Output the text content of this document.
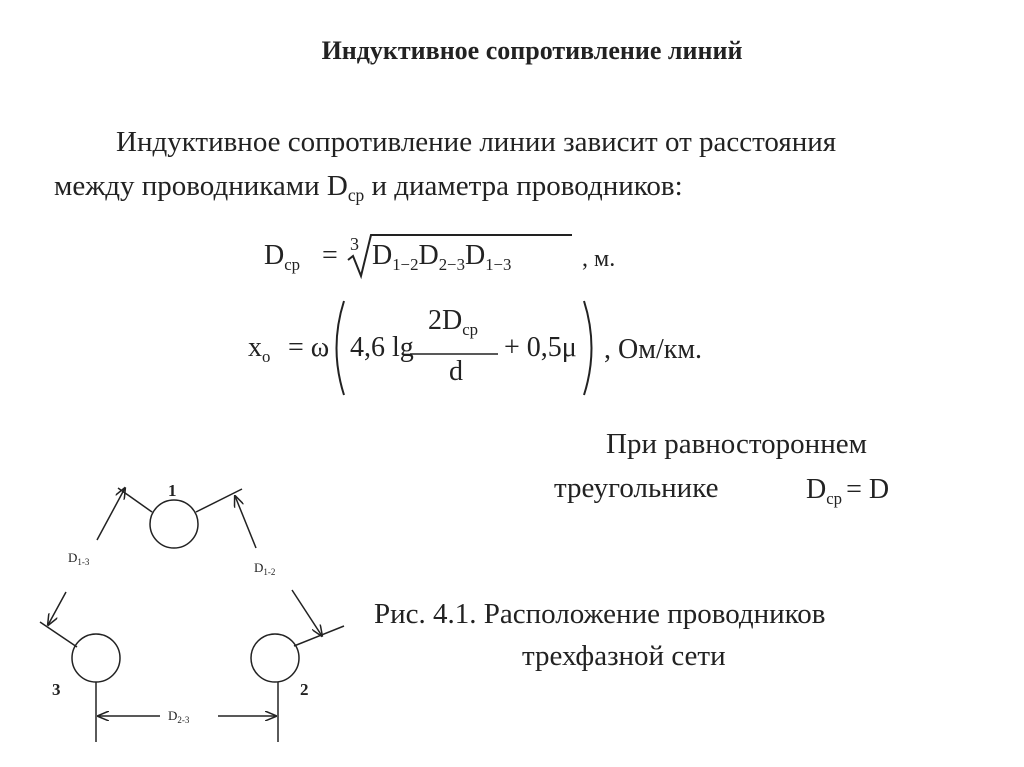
Индуктивное сопротивление линий
Индуктивное сопротивление линии зависит от расстояния
между проводниками $D_{ср}$ и диаметра проводников:
$D_{ср} = 3$ $D_{1-2}D_{2-3}D_{1-3}$	, м.
$x_o = \omega$ 4,6 lg
$2D_{ср}$
d
+ 0,5μ , Ом/км.
При равностороннем
треугольнике	$D_{ср} = D$
Рис. 4.1. Расположение проводников
трехфазной сети
1
2
3
$D_{1-3}$	$D_{1-2}$
$D_{2-3}$
